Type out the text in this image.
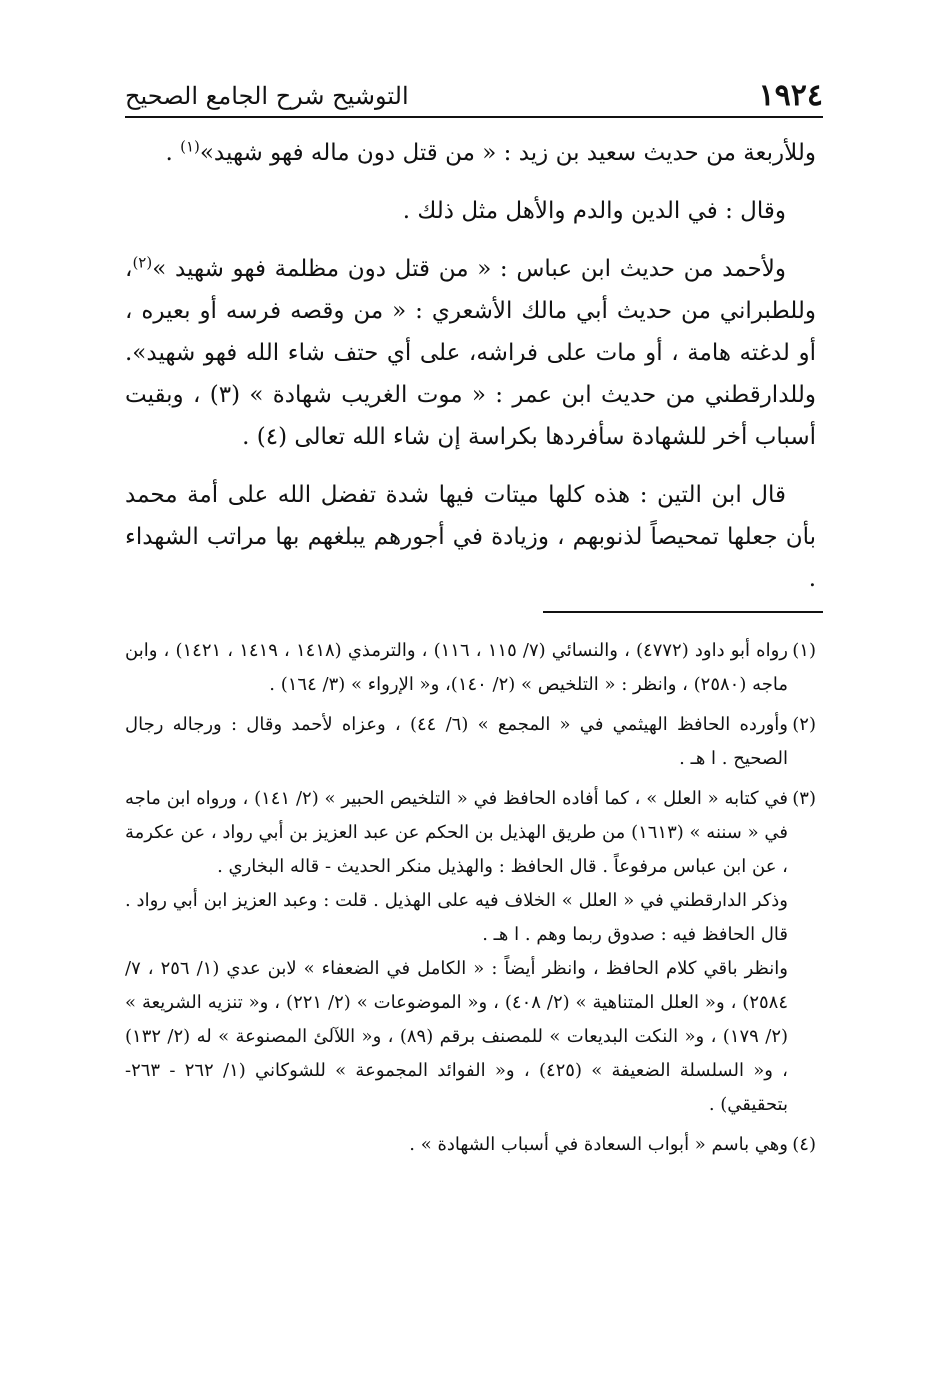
١٩٢٤
التوشيح شرح الجامع الصحيح

وللأربعة من حديث سعيد بن زيد : « من قتل دون ماله فهو شهيد»$^{(١)}$ .

وقال : في الدين والدم والأهل مثل ذلك .

ولأحمد من حديث ابن عباس : « من قتل دون مظلمة فهو شهيد »$^{(٢)}$، وللطبراني من حديث أبي مالك الأشعري : « من وقصه فرسه أو بعيره ، أو لدغته هامة ، أو مات على فراشه، على أي حتف شاء الله فهو شهيد». وللدارقطني من حديث ابن عمر : « موت الغريب شهادة » (٣) ، وبقيت أسباب أخر للشهادة سأفردها بكراسة إن شاء الله تعالى (٤) .

قال ابن التين : هذه كلها ميتات فيها شدة تفضل الله على أمة محمد بأن جعلها تمحيصاً لذنوبهم ، وزيادة في أجورهم يبلغهم بها مراتب الشهداء .

(١)

رواه أبو داود (٤٧٧٢) ، والنسائي (٧/ ١١٥ ، ١١٦) ، والترمذي (١٤١٨ ، ١٤١٩ ، ١٤٢١) ، وابن ماجه (٢٥٨٠) ، وانظر : « التلخيص » (٢/ ١٤٠)، و« الإرواء » (٣/ ١٦٤) .

(٢)

وأورده الحافظ الهيثمي في « المجمع » (٦/ ٤٤) ، وعزاه لأحمد وقال : ورجاله رجال الصحيح . ا هـ .

(٣)

في كتابه « العلل » ، كما أفاده الحافظ في « التلخيص الحبير » (٢/ ١٤١) ، ورواه ابن ماجه في « سننه » (١٦١٣) من طريق الهذيل بن الحكم عن عبد العزيز بن أبي رواد ، عن عكرمة ، عن ابن عباس مرفوعاً . قال الحافظ : والهذيل منكر الحديث - قاله البخاري .

وذكر الدارقطني في « العلل » الخلاف فيه على الهذيل . قلت : وعبد العزيز ابن أبي رواد . قال الحافظ فيه : صدوق ربما وهم . ا هـ .

وانظر باقي كلام الحافظ ، وانظر أيضاً : « الكامل في الضعفاء » لابن عدي (١/ ٢٥٦ ، ٧/ ٢٥٨٤) ، و« العلل المتناهية » (٢/ ٤٠٨) ، و« الموضوعات » (٢/ ٢٢١) ، و« تنزيه الشريعة » (٢/ ١٧٩) ، و« النكت البديعات » للمصنف برقم (٨٩) ، و« اللآلئ المصنوعة » له (٢/ ١٣٢) ، و« السلسلة الضعيفة » (٤٢٥) ، و« الفوائد المجموعة » للشوكاني (١/ ٢٦٢ - ٢٦٣- بتحقيقي) .

(٤)

وهي باسم « أبواب السعادة في أسباب الشهادة » .
